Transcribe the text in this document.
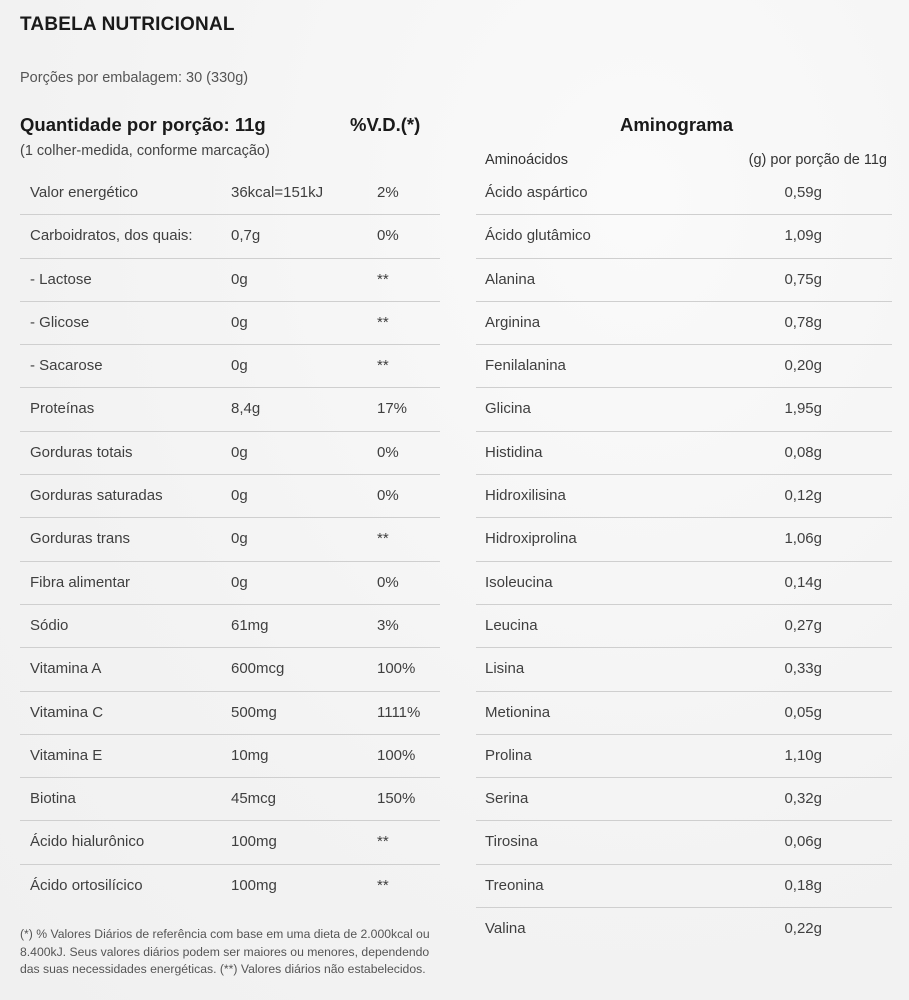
TABELA NUTRICIONAL
Porções por embalagem: 30 (330g)
Quantidade por porção: 11g	%V.D.(*)
(1 colher-medida, conforme marcação)
Valor energético	36kcal=151kJ	2%
Carboidratos, dos quais:	0,7g	0%
- Lactose	0g	**
- Glicose	0g	**
- Sacarose	0g	**
Proteínas	8,4g	17%
Gorduras totais	0g	0%
Gorduras saturadas	0g	0%
Gorduras trans	0g	**
Fibra alimentar	0g	0%
Sódio	61mg	3%
Vitamina A	600mcg	100%
Vitamina C	500mg	1111%
Vitamina E	10mg	100%
Biotina	45mcg	150%
Ácido hialurônico	100mg	**
Ácido ortosilícico	100mg	**
(*) % Valores Diários de referência com base em uma dieta de 2.000kcal ou 8.400kJ. Seus valores diários podem ser maiores ou menores, dependendo das suas necessidades energéticas. (**) Valores diários não estabelecidos.
Aminograma
Aminoácidos	(g) por porção de 11g
Ácido aspártico	0,59g
Ácido glutâmico	1,09g
Alanina	0,75g
Arginina	0,78g
Fenilalanina	0,20g
Glicina	1,95g
Histidina	0,08g
Hidroxilisina	0,12g
Hidroxiprolina	1,06g
Isoleucina	0,14g
Leucina	0,27g
Lisina	0,33g
Metionina	0,05g
Prolina	1,10g
Serina	0,32g
Tirosina	0,06g
Treonina	0,18g
Valina	0,22g
